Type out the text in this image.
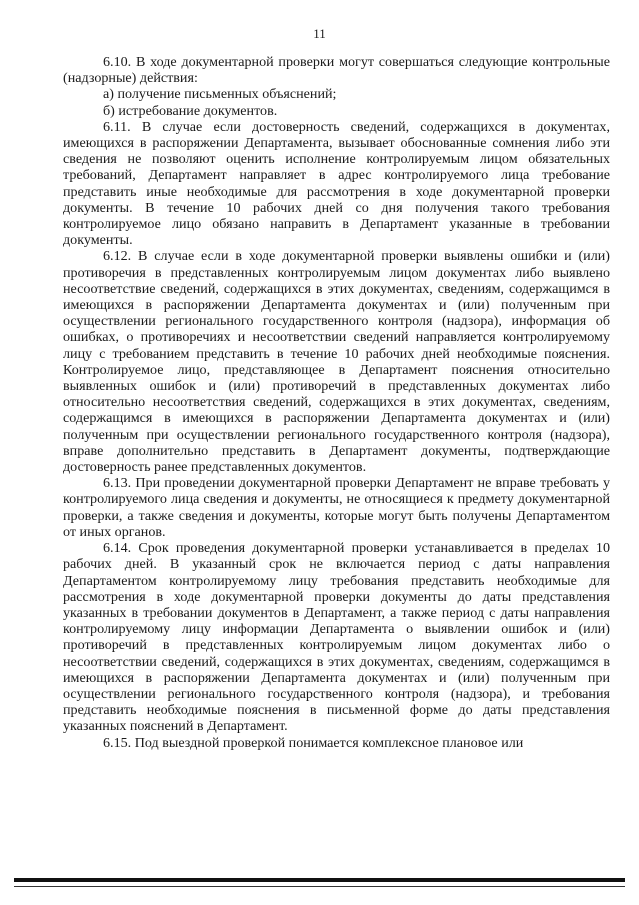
11

6.10. В ходе документарной проверки могут совершаться следующие контрольные (надзорные) действия:

а) получение письменных объяснений;

б) истребование документов.

6.11. В случае если достоверность сведений, содержащихся в документах, имеющихся в распоряжении Департамента, вызывает обоснованные сомнения либо эти сведения не позволяют оценить исполнение контролируемым лицом обязательных требований, Департамент направляет в адрес контролируемого лица требование представить иные необходимые для рассмотрения в ходе документарной проверки документы. В течение 10 рабочих дней со дня получения такого требования контролируемое лицо обязано направить в Департамент указанные в требовании документы.

6.12. В случае если в ходе документарной проверки выявлены ошибки и (или) противоречия в представленных контролируемым лицом документах либо выявлено несоответствие сведений, содержащихся в этих документах, сведениям, содержащимся в имеющихся в распоряжении Департамента документах и (или) полученным при осуществлении регионального государственного контроля (надзора), информация об ошибках, о противоречиях и несоответствии сведений направляется контролируемому лицу с требованием представить в течение 10 рабочих дней необходимые пояснения. Контролируемое лицо, представляющее в Департамент пояснения относительно выявленных ошибок и (или) противоречий в представленных документах либо относительно несоответствия сведений, содержащихся в этих документах, сведениям, содержащимся в имеющихся в распоряжении Департамента документах и (или) полученным при осуществлении регионального государственного контроля (надзора), вправе дополнительно представить в Департамент документы, подтверждающие достоверность ранее представленных документов.

6.13. При проведении документарной проверки Департамент не вправе требовать у контролируемого лица сведения и документы, не относящиеся к предмету документарной проверки, а также сведения и документы, которые могут быть получены Департаментом от иных органов.

6.14. Срок проведения документарной проверки устанавливается в пределах 10 рабочих дней. В указанный срок не включается период с даты направления Департаментом контролируемому лицу требования представить необходимые для рассмотрения в ходе документарной проверки документы до даты представления указанных в требовании документов в Департамент, а также период с даты направления контролируемому лицу информации Департамента о выявлении ошибок и (или) противоречий в представленных контролируемым лицом документах либо о несоответствии сведений, содержащихся в этих документах, сведениям, содержащимся в имеющихся в распоряжении Департамента документах и (или) полученным при осуществлении регионального государственного контроля (надзора), и требования представить необходимые пояснения в письменной форме до даты представления указанных пояснений в Департамент.

6.15. Под выездной проверкой понимается комплексное плановое или
